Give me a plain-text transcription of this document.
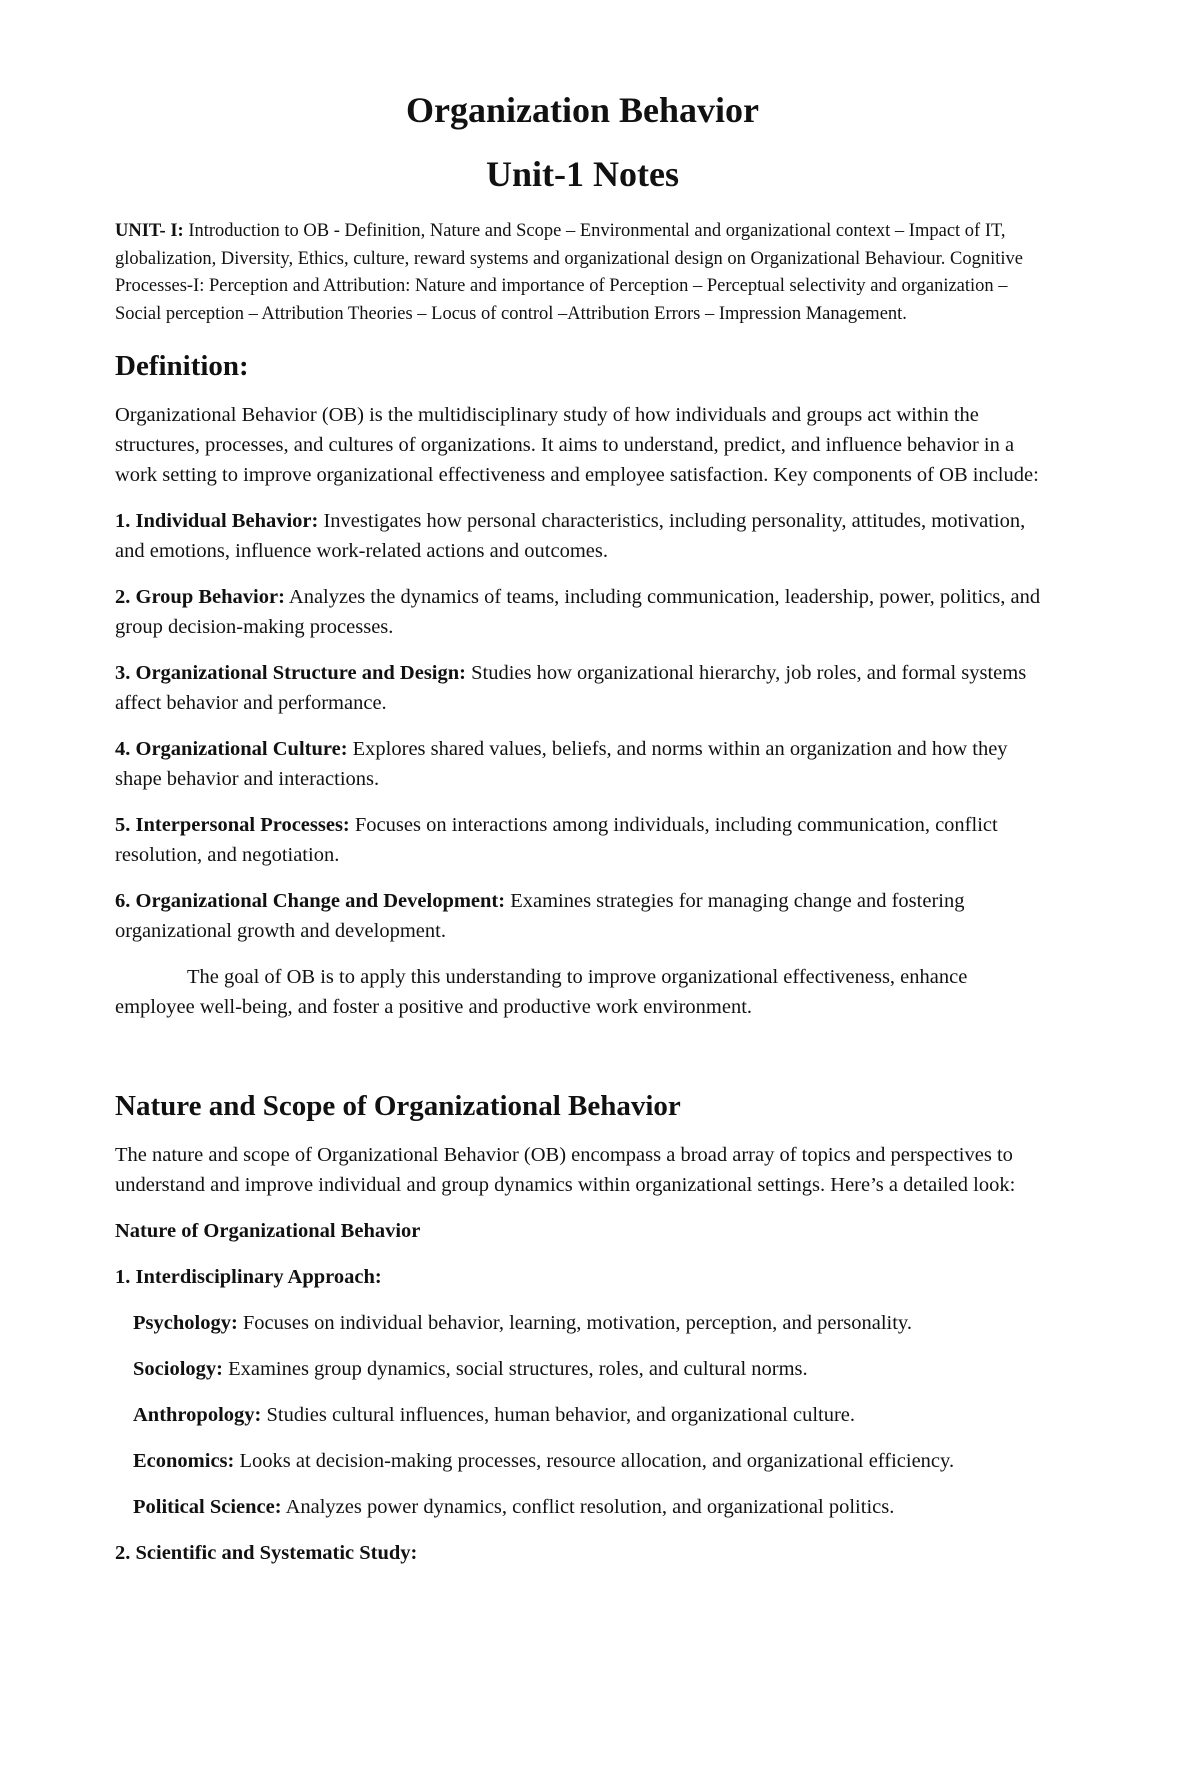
Organization Behavior
Unit-1 Notes

UNIT- I: Introduction to OB - Definition, Nature and Scope – Environmental and organizational context – Impact of IT, globalization, Diversity, Ethics, culture, reward systems and organizational design on Organizational Behaviour. Cognitive Processes-I: Perception and Attribution: Nature and importance of Perception – Perceptual selectivity and organization – Social perception – Attribution Theories – Locus of control –Attribution Errors – Impression Management.

Definition:

Organizational Behavior (OB) is the multidisciplinary study of how individuals and groups act within the structures, processes, and cultures of organizations. It aims to understand, predict, and influence behavior in a work setting to improve organizational effectiveness and employee satisfaction. Key components of OB include:

1. Individual Behavior: Investigates how personal characteristics, including personality, attitudes, motivation, and emotions, influence work-related actions and outcomes.

2. Group Behavior: Analyzes the dynamics of teams, including communication, leadership, power, politics, and group decision-making processes.

3. Organizational Structure and Design: Studies how organizational hierarchy, job roles, and formal systems affect behavior and performance.

4. Organizational Culture: Explores shared values, beliefs, and norms within an organization and how they shape behavior and interactions.

5. Interpersonal Processes: Focuses on interactions among individuals, including communication, conflict resolution, and negotiation.

6. Organizational Change and Development: Examines strategies for managing change and fostering organizational growth and development.

The goal of OB is to apply this understanding to improve organizational effectiveness, enhance employee well-being, and foster a positive and productive work environment.

Nature and Scope of Organizational Behavior

The nature and scope of Organizational Behavior (OB) encompass a broad array of topics and perspectives to understand and improve individual and group dynamics within organizational settings. Here’s a detailed look:

Nature of Organizational Behavior

1. Interdisciplinary Approach:

Psychology: Focuses on individual behavior, learning, motivation, perception, and personality.

Sociology: Examines group dynamics, social structures, roles, and cultural norms.

Anthropology: Studies cultural influences, human behavior, and organizational culture.

Economics: Looks at decision-making processes, resource allocation, and organizational efficiency.

Political Science: Analyzes power dynamics, conflict resolution, and organizational politics.

2. Scientific and Systematic Study:
